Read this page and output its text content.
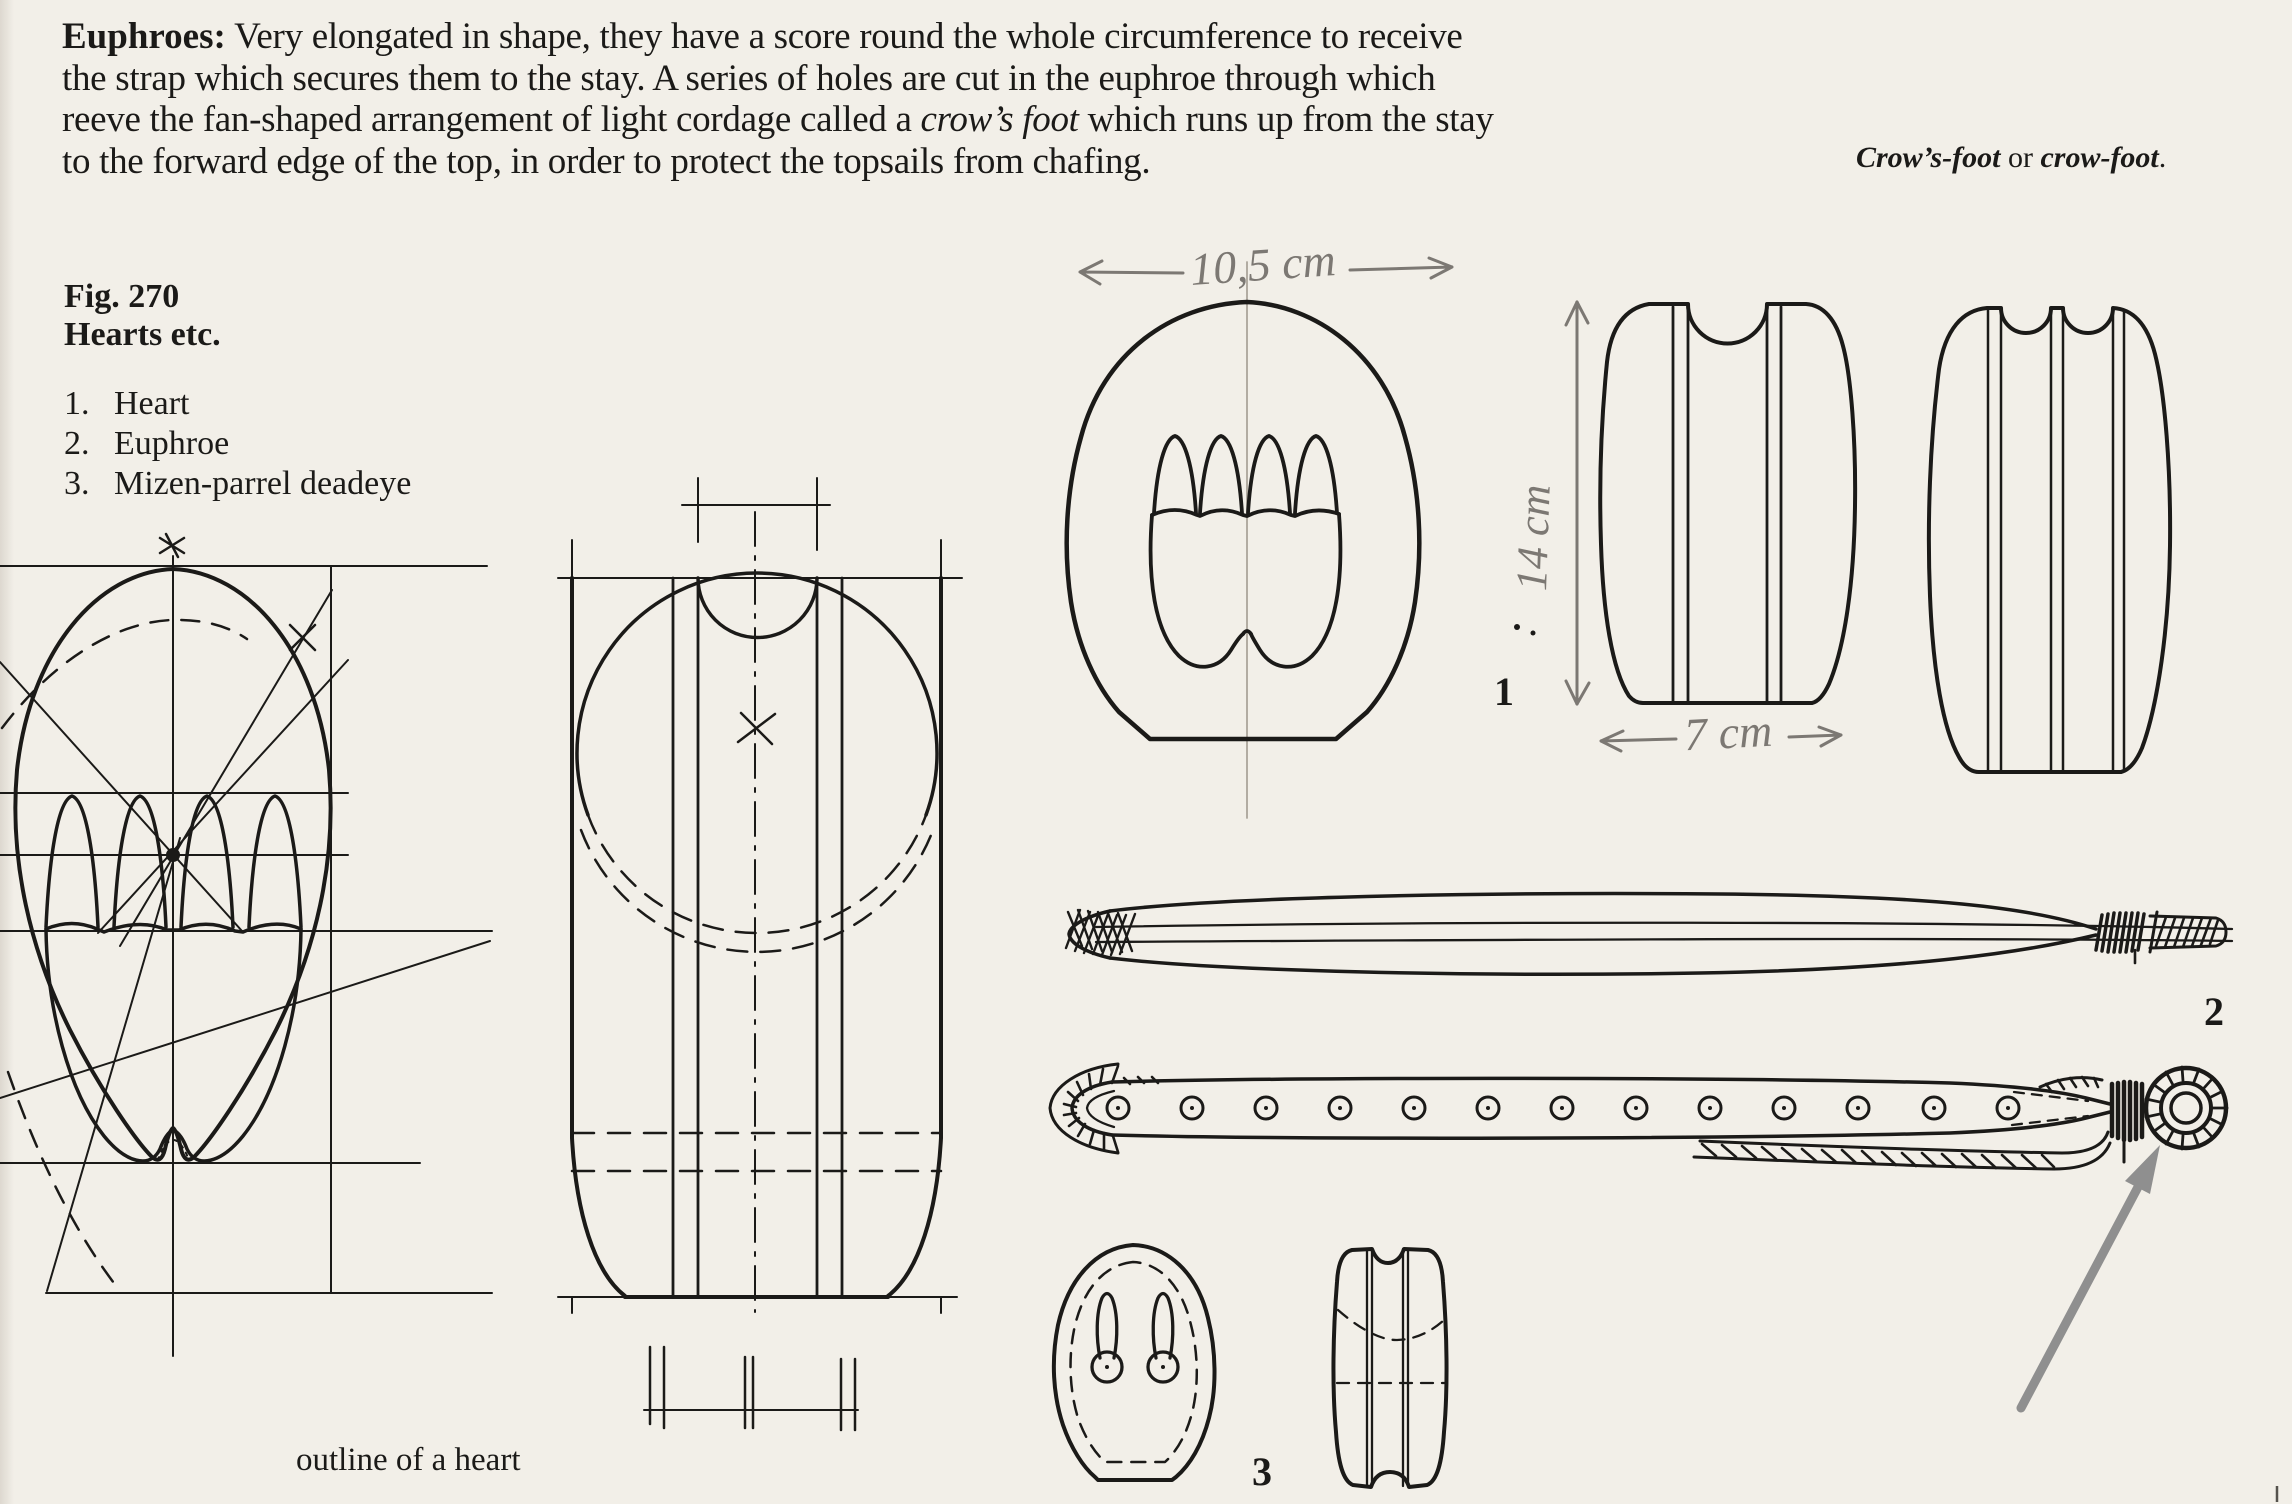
Euphroes: Very elongated in shape, they have a score round the whole circumference to receive
the strap which secures them to the stay. A series of holes are cut in the euphroe through which
reeve the fan-shaped arrangement of light cordage called a crow’s foot which runs up from the stay
to the forward edge of the top, in order to protect the topsails from chafing.	Crow’s-foot or crow-foot.
Fig. 270
Hearts etc.
1. Heart
2. Euphroe
3. Mizen-parrel deadeye
1
2
3
10,5 cm
14 cm
7 cm
outline of a heart
